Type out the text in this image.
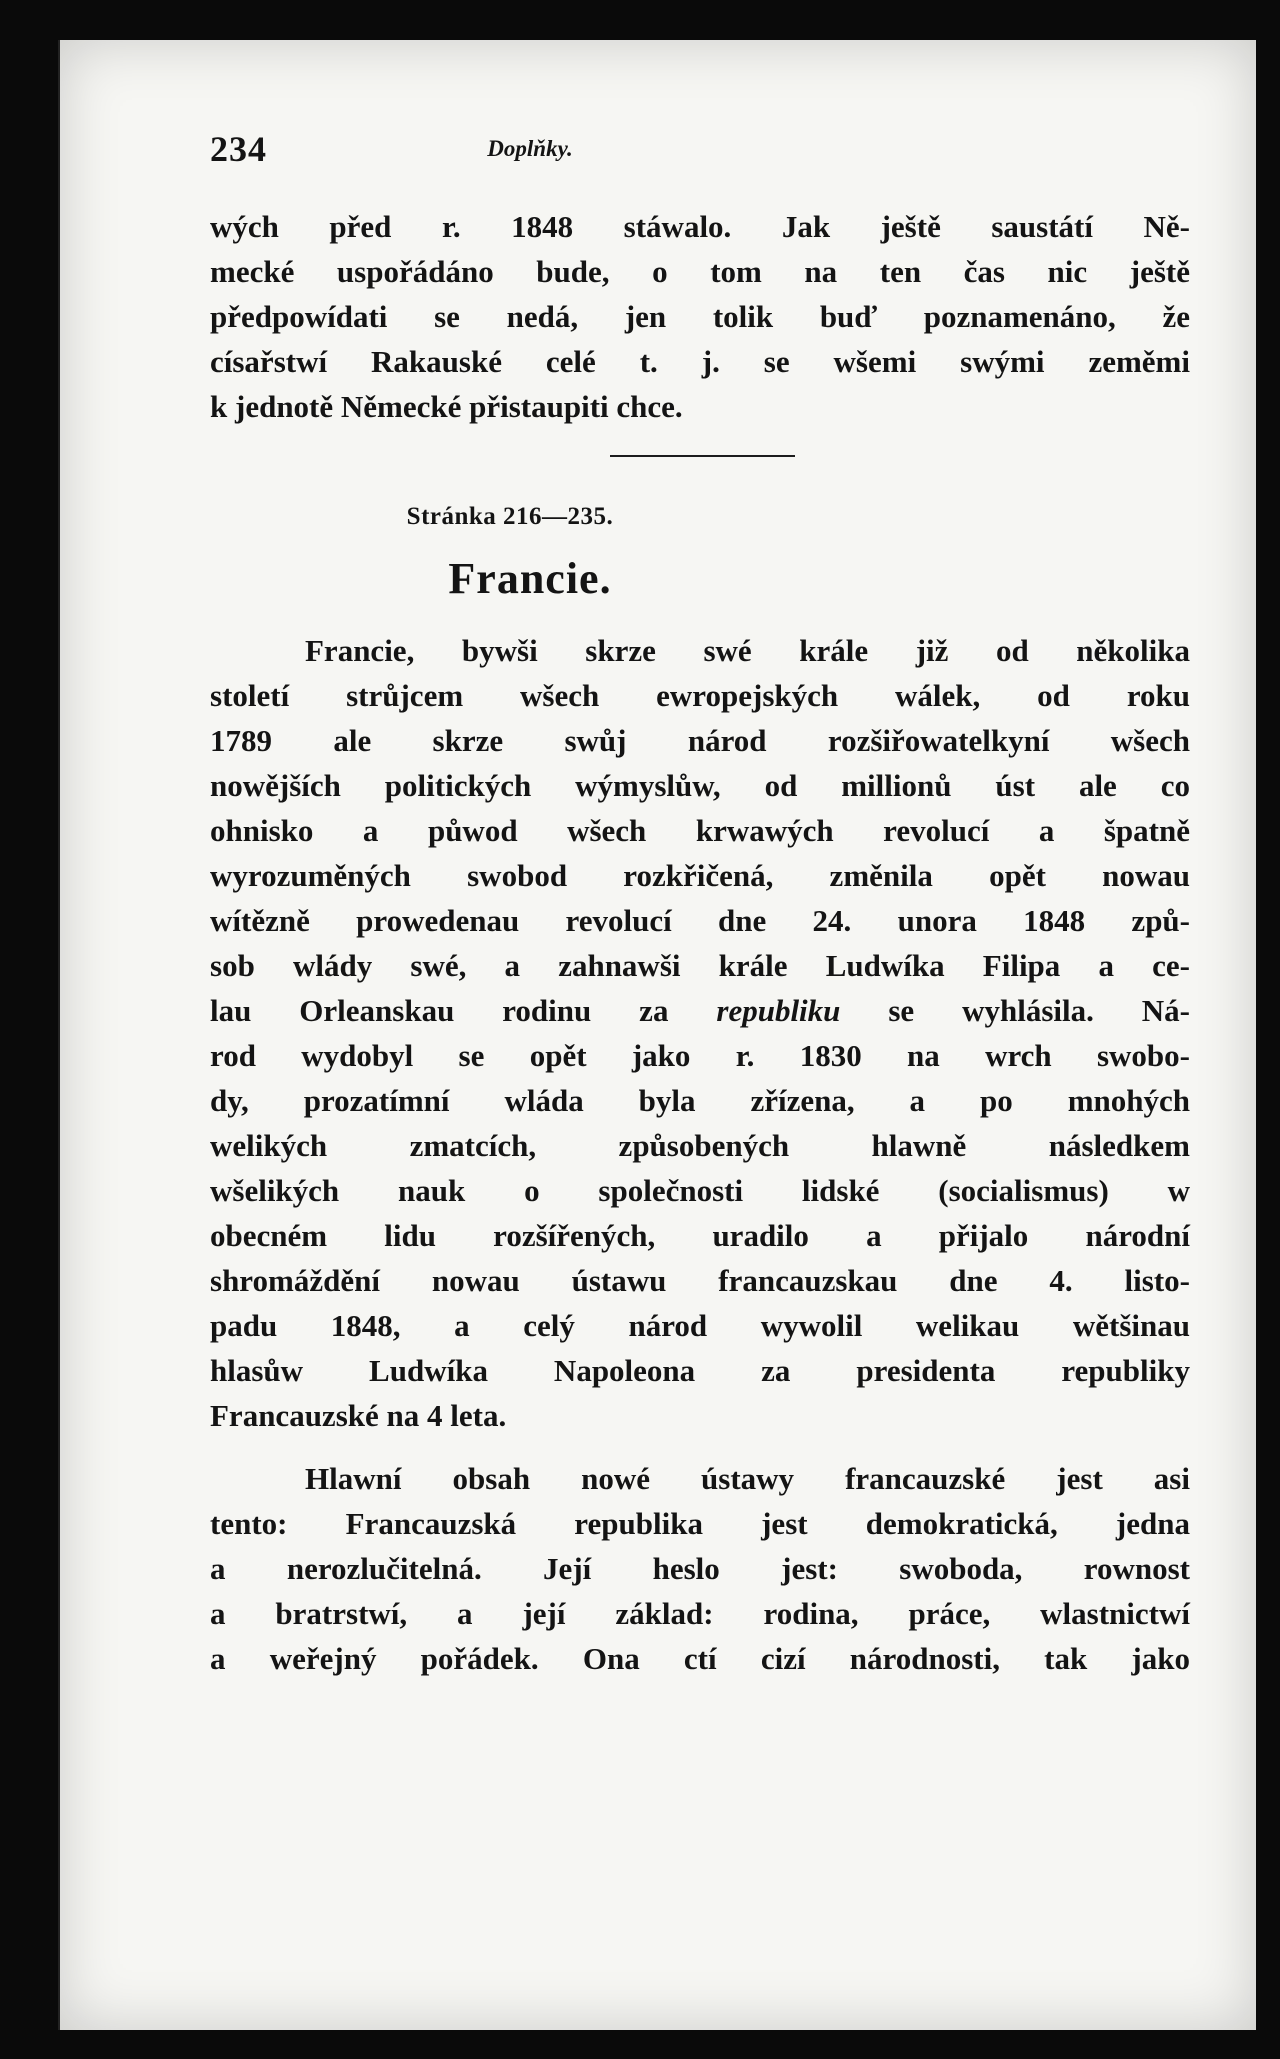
234	Doplňky.
wých před r. 1848 stáwalo. Jak ještě saustátí Ně-
mecké uspořádáno bude, o tom na ten čas nic ještě
předpowídati se nedá, jen tolik buď poznamenáno, že
císařstwí Rakauské celé t. j. se wšemi swými zeměmi
k jednotě Německé přistaupiti chce.
Stránka 216—235.
Francie.
Francie, bywši skrze swé krále již od několika
století strůjcem wšech ewropejských wálek, od roku
1789 ale skrze swůj národ rozšiřowatelkyní wšech
nowějších politických wýmyslůw, od millionů úst ale co
ohnisko a půwod wšech krwawých revolucí a špatně
wyrozuměných swobod rozkřičená, změnila opět nowau
wítězně prowedenau revolucí dne 24. unora 1848 způ-
sob wlády swé, a zahnawši krále Ludwíka Filipa a ce-
lau Orleanskau rodinu za republiku se wyhlásila. Ná-
rod wydobyl se opět jako r. 1830 na wrch swobo-
dy, prozatímní wláda byla zřízena, a po mnohých
welikých zmatcích, způsobených hlawně následkem
wšelikých nauk o společnosti lidské (socialismus) w
obecném lidu rozšířených, uradilo a přijalo národní
shromáždění nowau ústawu francauzskau dne 4. listo-
padu 1848, a celý národ wywolil welikau wětšinau
hlasůw Ludwíka Napoleona za presidenta republiky
Francauzské na 4 leta.
Hlawní obsah nowé ústawy francauzské jest asi
tento: Francauzská republika jest demokratická, jedna
a nerozlučitelná. Její heslo jest: swoboda, rownost
a bratrstwí, a její základ: rodina, práce, wlastnictwí
a weřejný pořádek. Ona ctí cizí národnosti, tak jako
